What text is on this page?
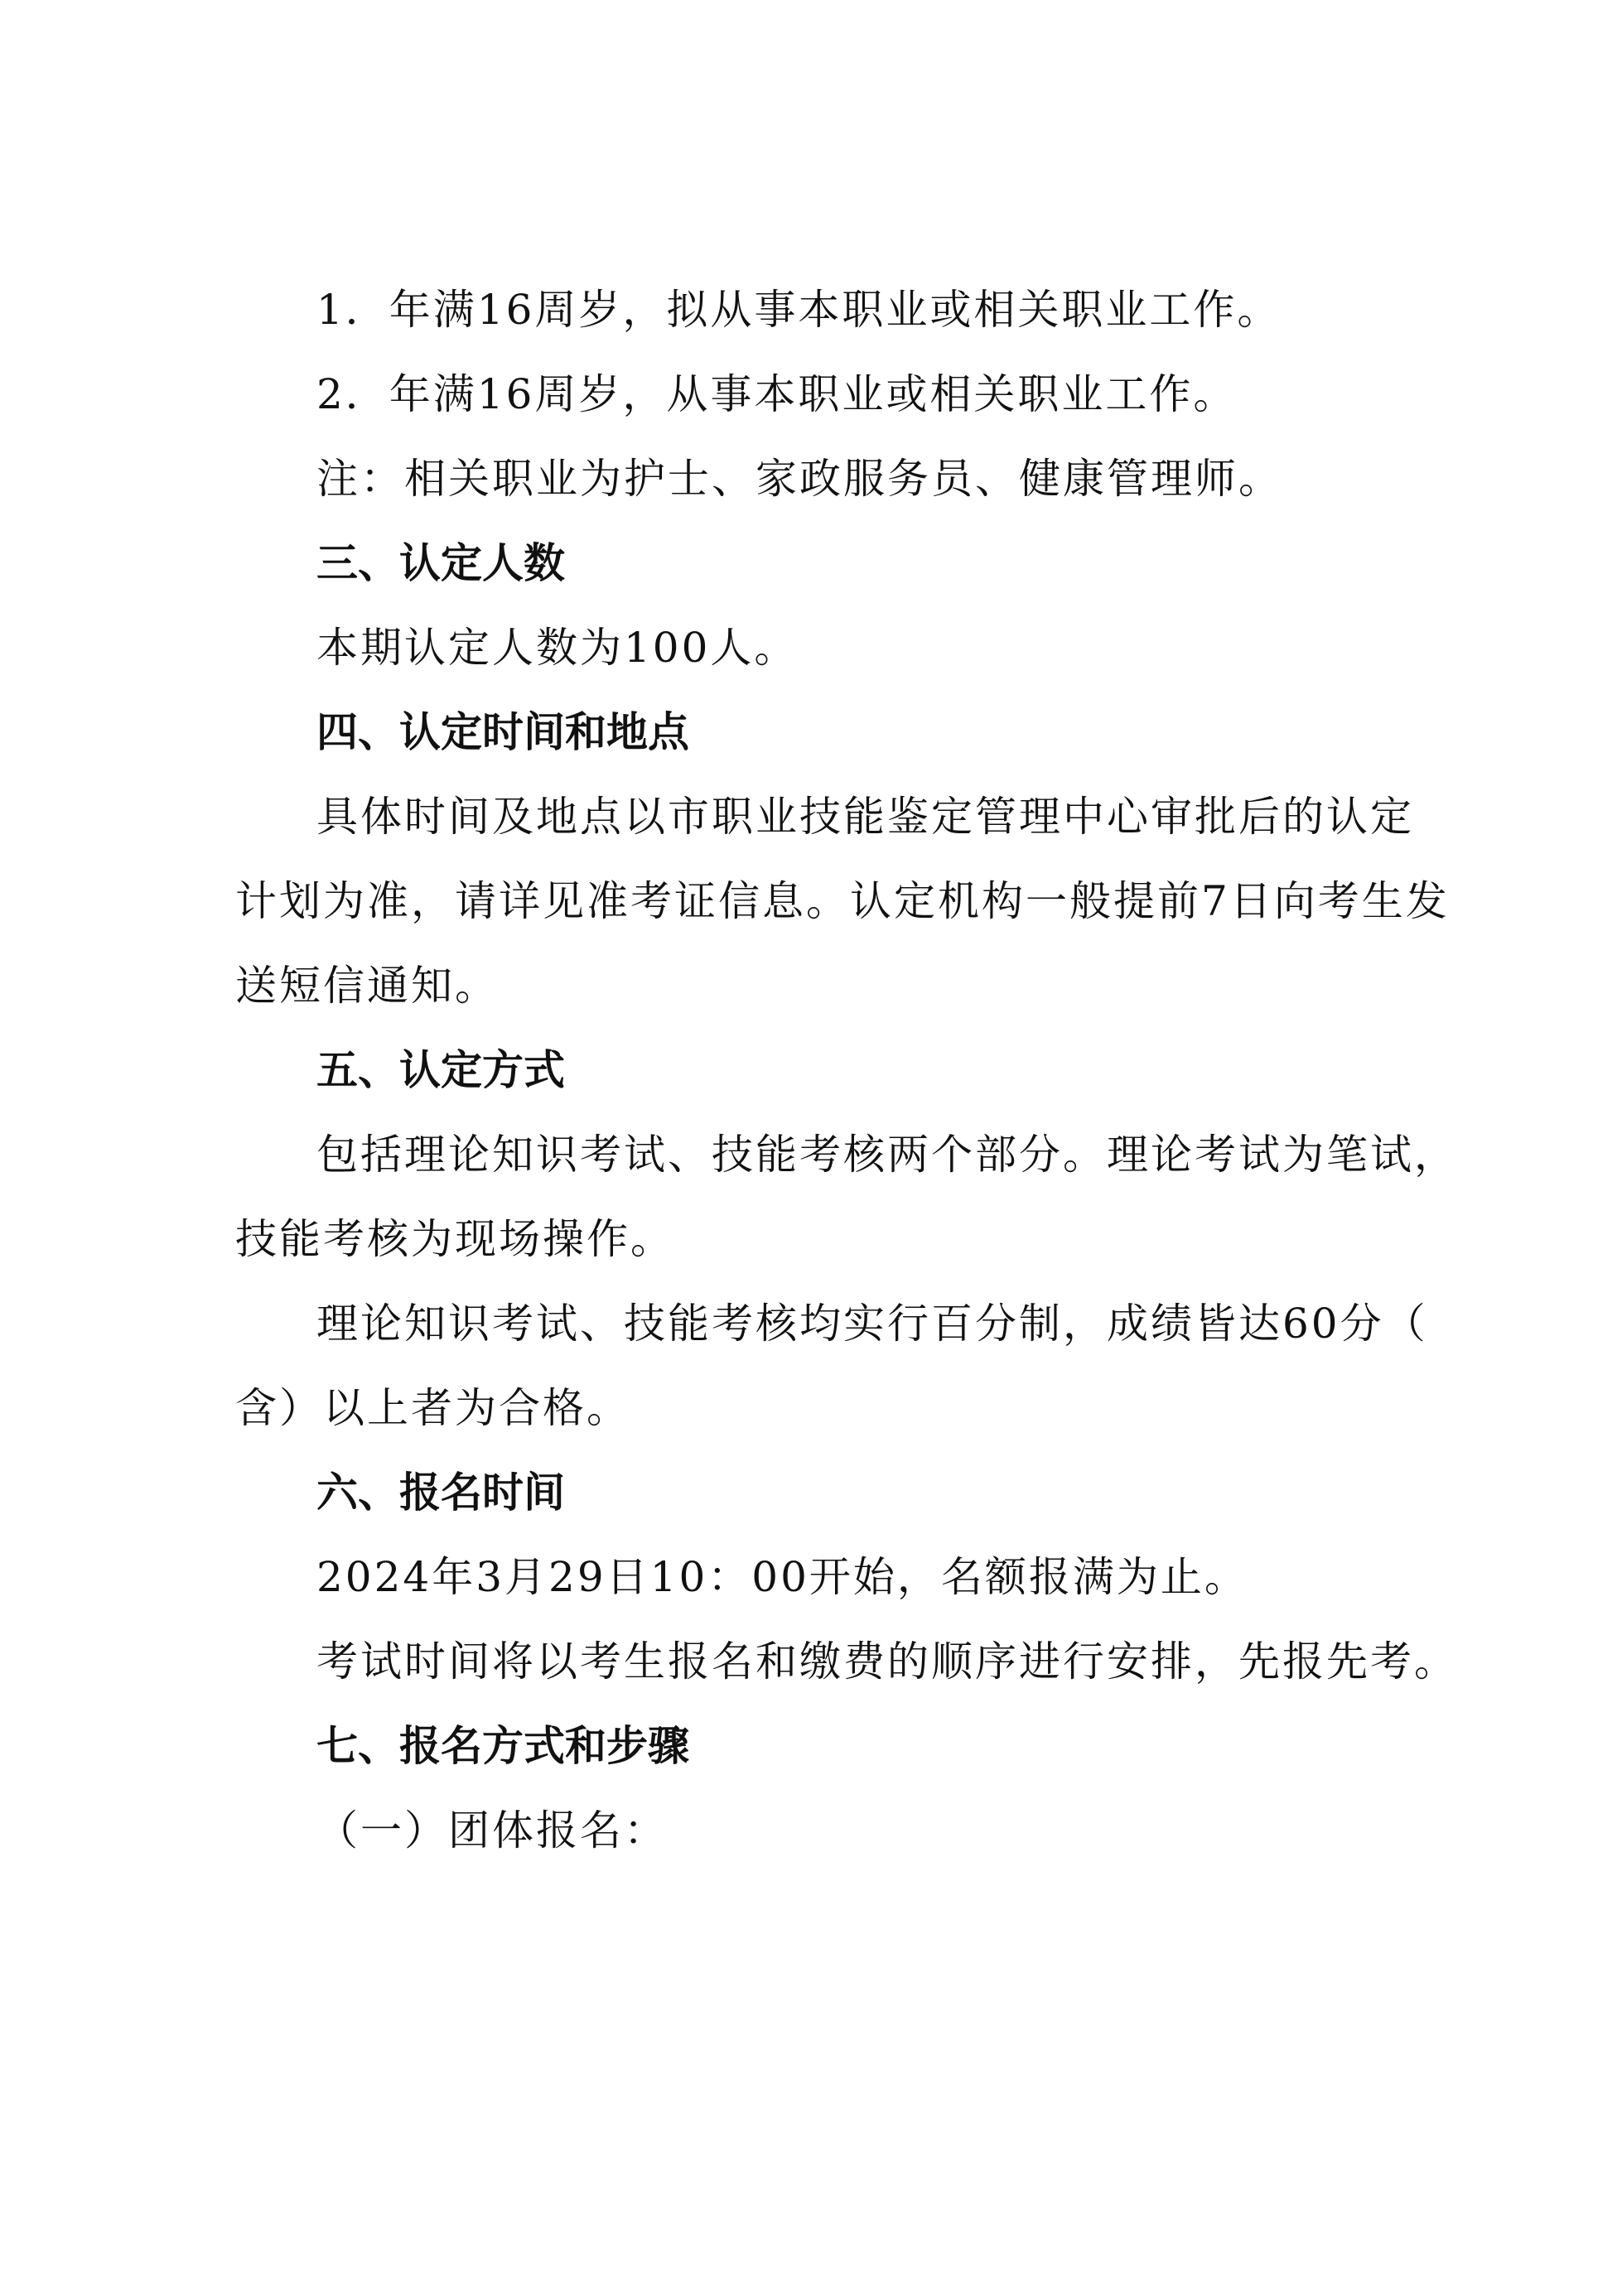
1．年满16周岁，拟从事本职业或相关职业工作。

2．年满16周岁，从事本职业或相关职业工作。

注：相关职业为护士、家政服务员、健康管理师。

三、认定人数

本期认定人数为100人。

四、认定时间和地点

具体时间及地点以市职业技能鉴定管理中心审批后的认定

计划为准，请详见准考证信息。认定机构一般提前7日向考生发

送短信通知。

五、认定方式

包括理论知识考试、技能考核两个部分。理论考试为笔试，

技能考核为现场操作。

理论知识考试、技能考核均实行百分制，成绩皆达60分（

含）以上者为合格。

六、报名时间

2024年3月29日10：00开始，名额报满为止。

考试时间将以考生报名和缴费的顺序进行安排，先报先考。

七、报名方式和步骤

（一）团体报名：
